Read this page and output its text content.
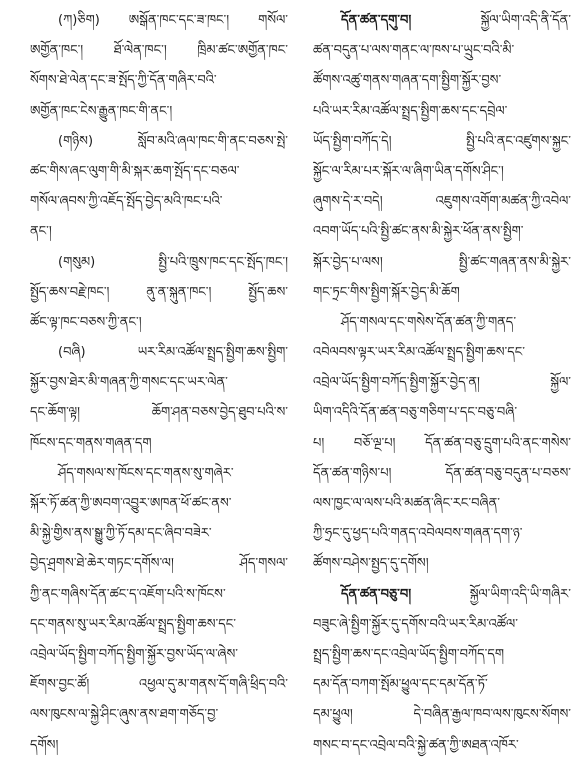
(ཀ)ཅིག) ཨསྒོན་ཁང་དང་ཟ་ཁང་། གསོལ་
ཨགྱོན་ཁང་། ཐོ་ལེན་ཁང་། ཁྲིམ་ཚང་ཨགྱོན་ཁང་
སོགས་ཐེ་ལེན་དང་ཟ་སྤོད་ཀྱི་དོན་གཞིར་བའི་
ཨགྱོན་ཁང་ངེས་རྒྱུན་ཁང་གི་ནང་།
(གཉིས) སློབ་མའི་ཞལ་ཁང་གི་ནང་བཅས་སྤེ་
ཚང་གིས་ཞང་ལུག་གི་མི་སྐར་ཆག་སྤོད་དང་བཅལ་
གསོལ་ཞབས་ཀྱི་འཇོད་སྤོད་བྱེད་མའི་ཁང་པའི་
ནང་།
(གསུམ) སྤྱི་པའི་ཁྲུས་ཁང་དང་སྤོད་ཁང་།
སྤྱོད་ཆས་བརྗེ་ཁང་། ནུ་ན་སྐུན་ཁང་། སྤྱོད་ཆས་
ཚོང་ལྟ་ཁང་བཅས་ཀྱི་ནང་།
(བཞི) ཡར་རིམ་འཚོལ་སྤྲད་སྤྱིག་ཆས་སྤྱིག་
སྐྱོར་བྱས་ཐེར་མི་གཞན་ཀྱི་གསང་དང་ཡར་ལེན་
དང་ཆོག་ལྟ། ཆོག་ཤན་བཅས་བྱེད་ཐུབ་པའི་ས་
ཁོངས་དང་གནས་གཞན་དག
ཤོད་གསལ་ས་ཁོངས་དང་གནས་སུ་གཞེར་
སྐོར་ཏོ་ཚན་ཀྱི་ཨབག་འབྱུར་ཨཁན་ཕོ་ཚང་ནས་
མི་སྐྱེ་གྱིས་ནས་སྒྱུ་ཀྱི་ཏོ་དམ་དང་ཞིབ་བཟེར་
བྱེད་ཤྲགས་ཐེ་ཆེར་གཏང་དགོས་ལ། ཤོད་གསལ་
ཀྱི་ནང་གཞིས་དོན་ཚང་ད་འཇོག་པའི་ས་ཁོངས་
དང་གནས་སུ་ཡར་རིམ་འཚོལ་སྤྲད་སྤྱིག་ཆས་དང་
འབྲེལ་ཡོད་སྤྱིག་བཀོད་སྤྱིག་སྐྱོར་བྱས་ཡོད་ལ་ཞེས་
ཇོགས་བྱང་ཚོ། འཕྱལ་དུ་མ་གནས་དོ་གཞི་ཕྲིད་བའི་
ལས་ཁུངས་ལ་སྐྱེ་ཤིང་ཞུས་ནས་ཐག་གཅོད་བྱ་
དགོས།
དོན་ཚན་དགུ་བ། སྐྱོལ་ཡིག་འདི་ནི་དོན་
ཚན་བདུན་པ་ལས་གནང་ལ་ཁས་པ་ཡྲུང་བའི་མི་
ཚོགས་འཚུ་གནས་གཞན་དག་སྤྱིག་སྐྱོར་བྱས་
པའི་ཡར་རིམ་འཚོལ་སྤྲད་སྤྱིག་ཆས་དང་དབྲེལ་
ཡོད་སྤྱིག་བཀོད་དེ། སྤྱི་པའི་ནང་འཛུགས་སྐྱང་
སྐྱོང་ལ་རིམ་པར་སྐོར་ལ་ཞིག་ཡིན་དགོས་ཤིང་།
ཞུགས་དེ་ར་བདེ། འཇུགས་འགོག་མཚན་ཀྱི་འབེལ་
འབག་ཡོད་པའི་སྤྱི་ཚང་ནས་མི་སྐྱེར་ཕོན་ནས་སྤྱིག་
སྐོར་བྱེད་པ་ལས། སྤྱི་ཚང་གཞན་ནས་མི་སྐྱེར་
གང་ཏྲང་གིས་སྤྱིག་སྐོར་བྱེད་མི་ཆོག
ཤོད་གསལ་དང་གསེས་དོན་ཚན་ཀྱི་གནད་
འབེལབས་ལྟར་ཡར་རིམ་འཚོལ་སྤྲད་སྤྱིག་ཆས་དང་
འབྲེལ་ཡོད་སྤྱིག་བཀོད་སྤྱིག་སྐྱོར་བྱེད་ན། སྐྱོལ་
ཡིག་འདིའི་དོན་ཚན་བཅུ་གཅིག་པ་དང་བཅུ་བཞི་
པ། བཅོ་ལྔ་པ། དོན་ཚན་བཅུ་དྲུག་པའི་ནང་གསེས་
དོན་ཚན་གཉིས་པ། དོན་ཚན་བཅུ་བདུན་པ་བཅས་
ལས་ཁྱང་ལ་ལས་པའི་མཚན་ཞིང་རང་བཞིན་
ཀྱི་ཧྲང་དུ་ཕྱད་པའི་གནད་འབེལབས་གཞན་དག་ཉ་
ཚོགས་བཤེས་སྤྱད་དུ་དགོས།
དོན་ཚན་བཅུ་བ། སྐྱོལ་ཡིག་འདི་ཡི་གཞིར་
བཟུང་ཞེ་སྤྱིག་སྐྱོར་དུ་དགོས་བའི་ཡར་རིམ་འཚོལ་
སྤྲད་སྤྱིག་ཆས་དང་འབྲེལ་ཡོད་སྤྱིག་བཀོད་དག
དམ་དོན་བཀག་སྤོམ་ཕྱུལ་དང་དམ་དོན་ཏོ་
དམ་ཕྱུལ། དེ་བཞིན་རྒྱལ་ཁབ་ལས་ཁུངས་སོགས་
གསང་བ་དང་འབྲེལ་བའི་སྐྱེ་ཚན་ཀྱི་ཨཐན་འཁོར་
